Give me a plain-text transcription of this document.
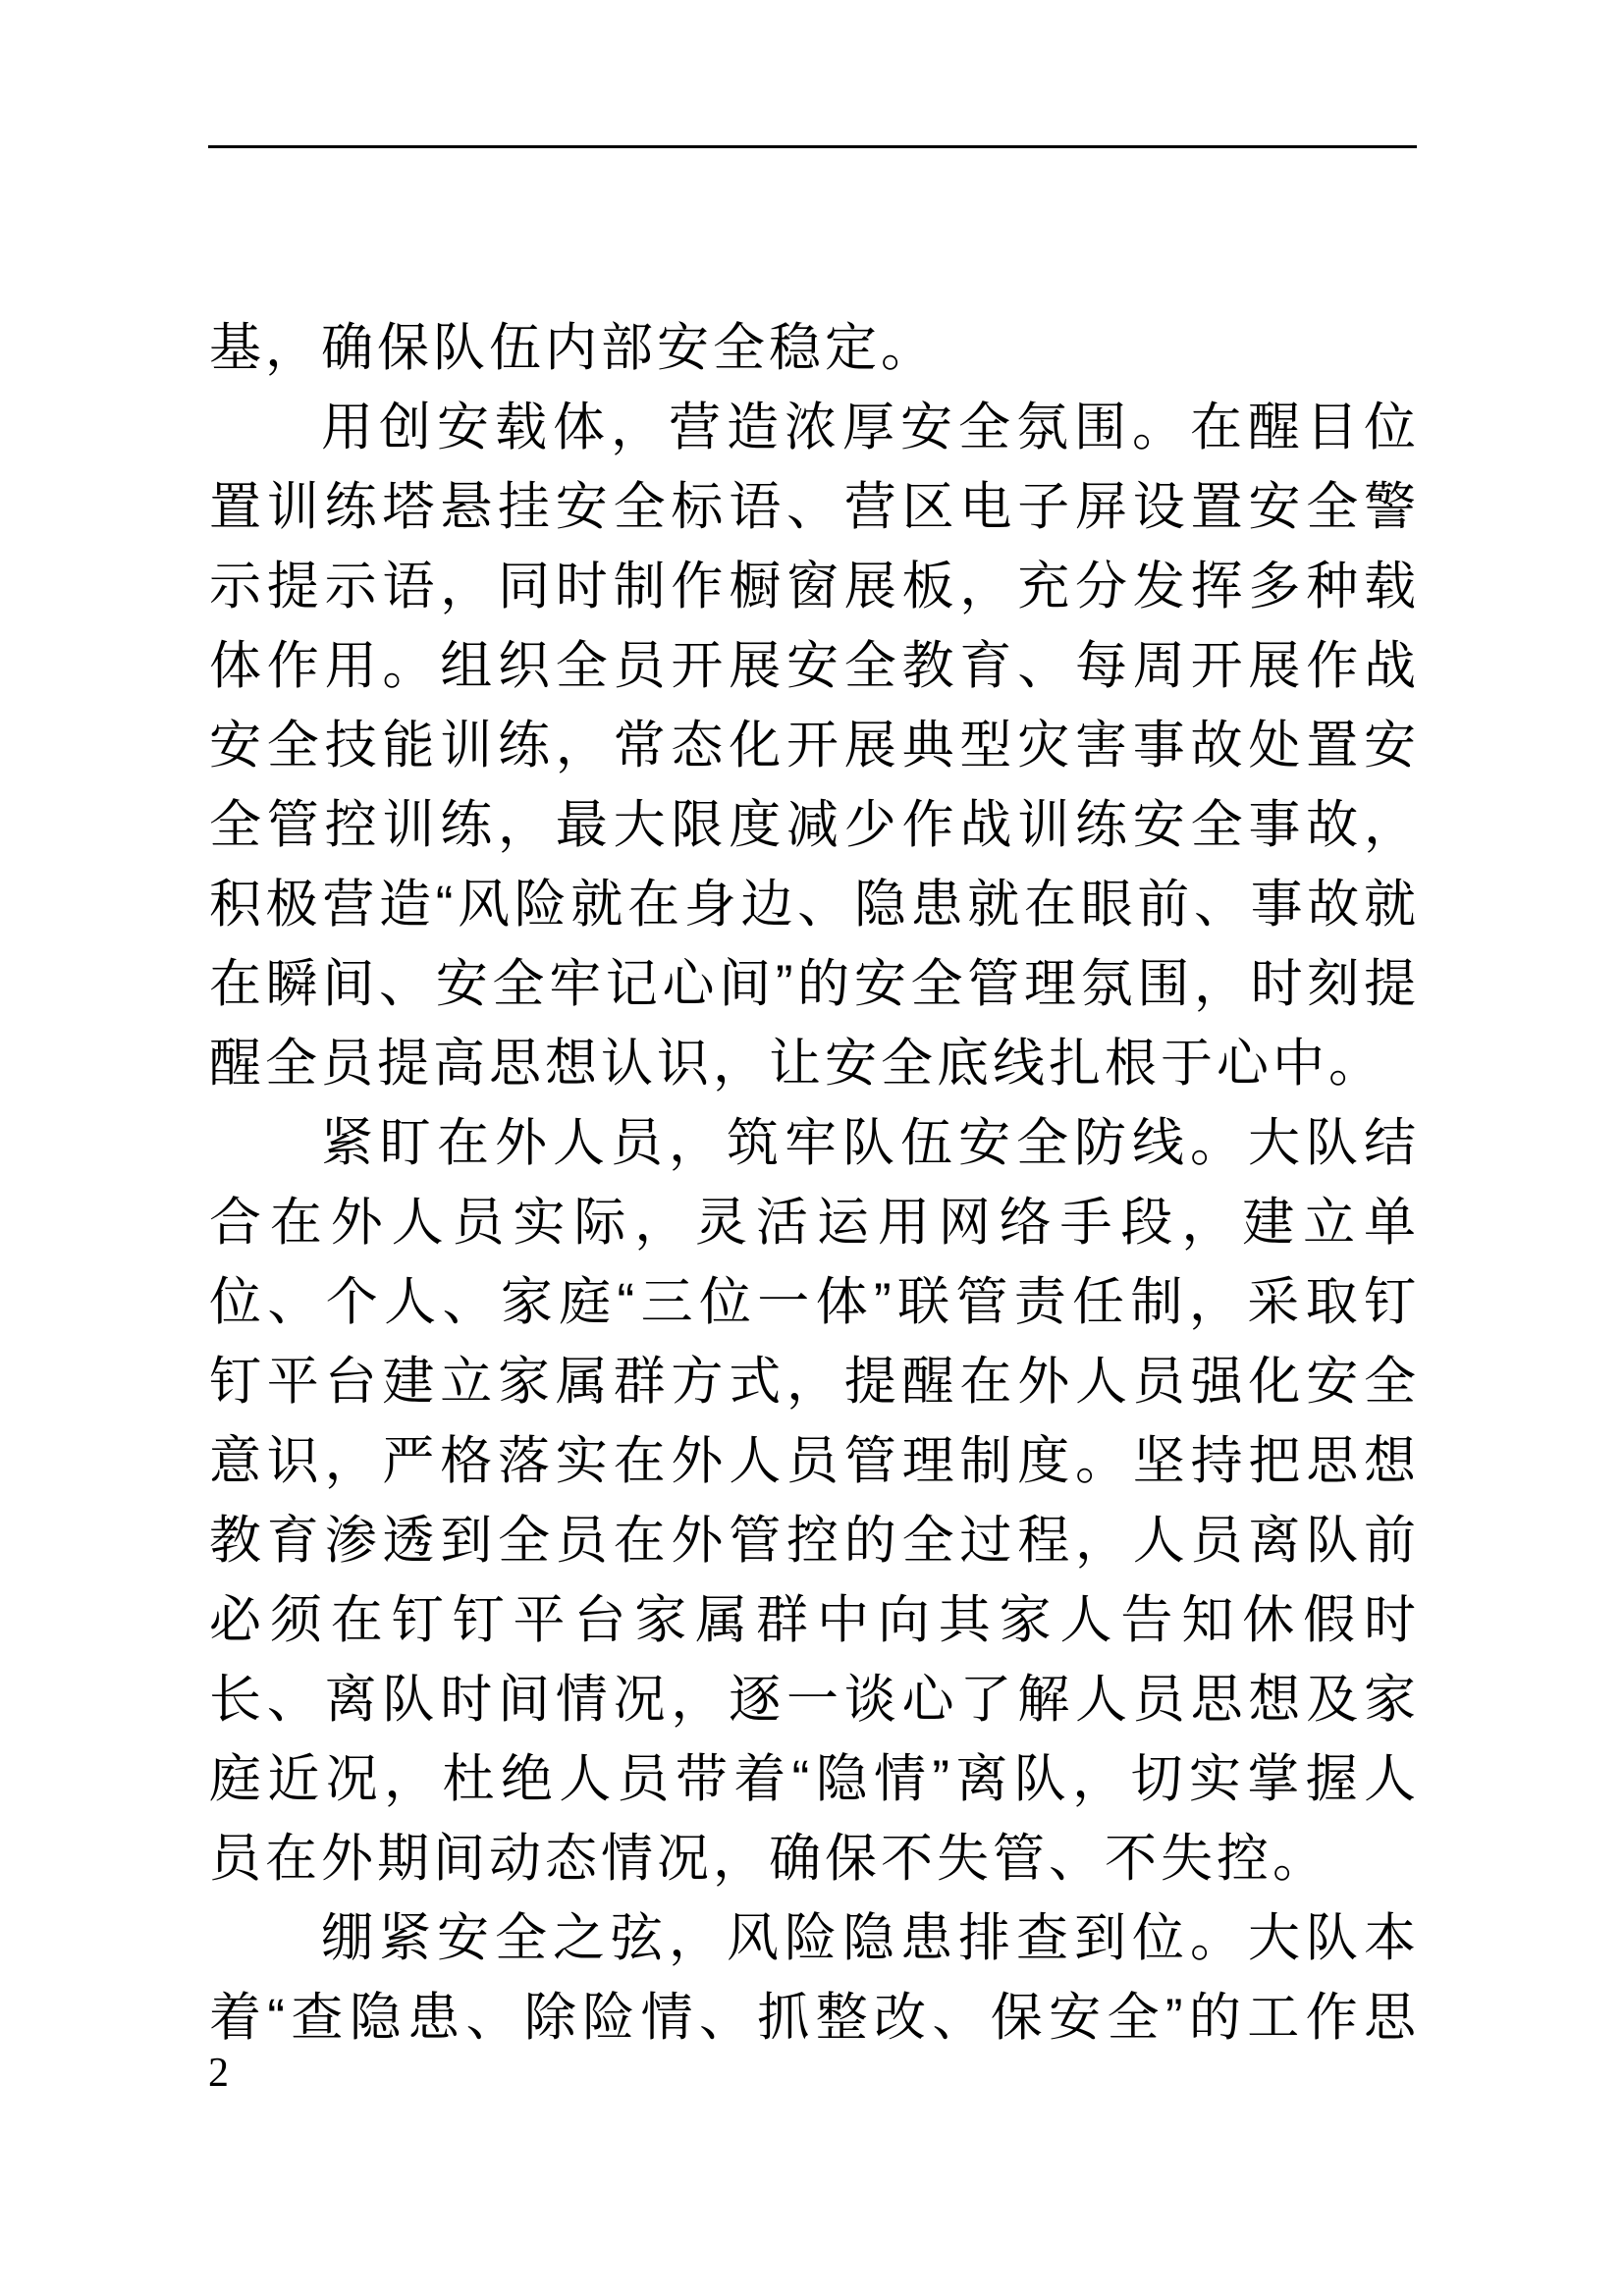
基，确保队伍内部安全稳定。
用创安载体，营造浓厚安全氛围。在醒目位
置训练塔悬挂安全标语、营区电子屏设置安全警
示提示语，同时制作橱窗展板，充分发挥多种载
体作用。组织全员开展安全教育、每周开展作战
安全技能训练，常态化开展典型灾害事故处置安
全管控训练，最大限度减少作战训练安全事故，
积极营造“风险就在身边、隐患就在眼前、事故就
在瞬间、安全牢记心间”的安全管理氛围，时刻提
醒全员提高思想认识，让安全底线扎根于心中。
紧盯在外人员，筑牢队伍安全防线。大队结
合在外人员实际，灵活运用网络手段，建立单
位、个人、家庭“三位一体”联管责任制，采取钉
钉平台建立家属群方式，提醒在外人员强化安全
意识，严格落实在外人员管理制度。坚持把思想
教育渗透到全员在外管控的全过程，人员离队前
必须在钉钉平台家属群中向其家人告知休假时
长、离队时间情况，逐一谈心了解人员思想及家
庭近况，杜绝人员带着“隐情”离队，切实掌握人
员在外期间动态情况，确保不失管、不失控。
绷紧安全之弦，风险隐患排查到位。大队本
着“查隐患、除险情、抓整改、保安全”的工作思
2
